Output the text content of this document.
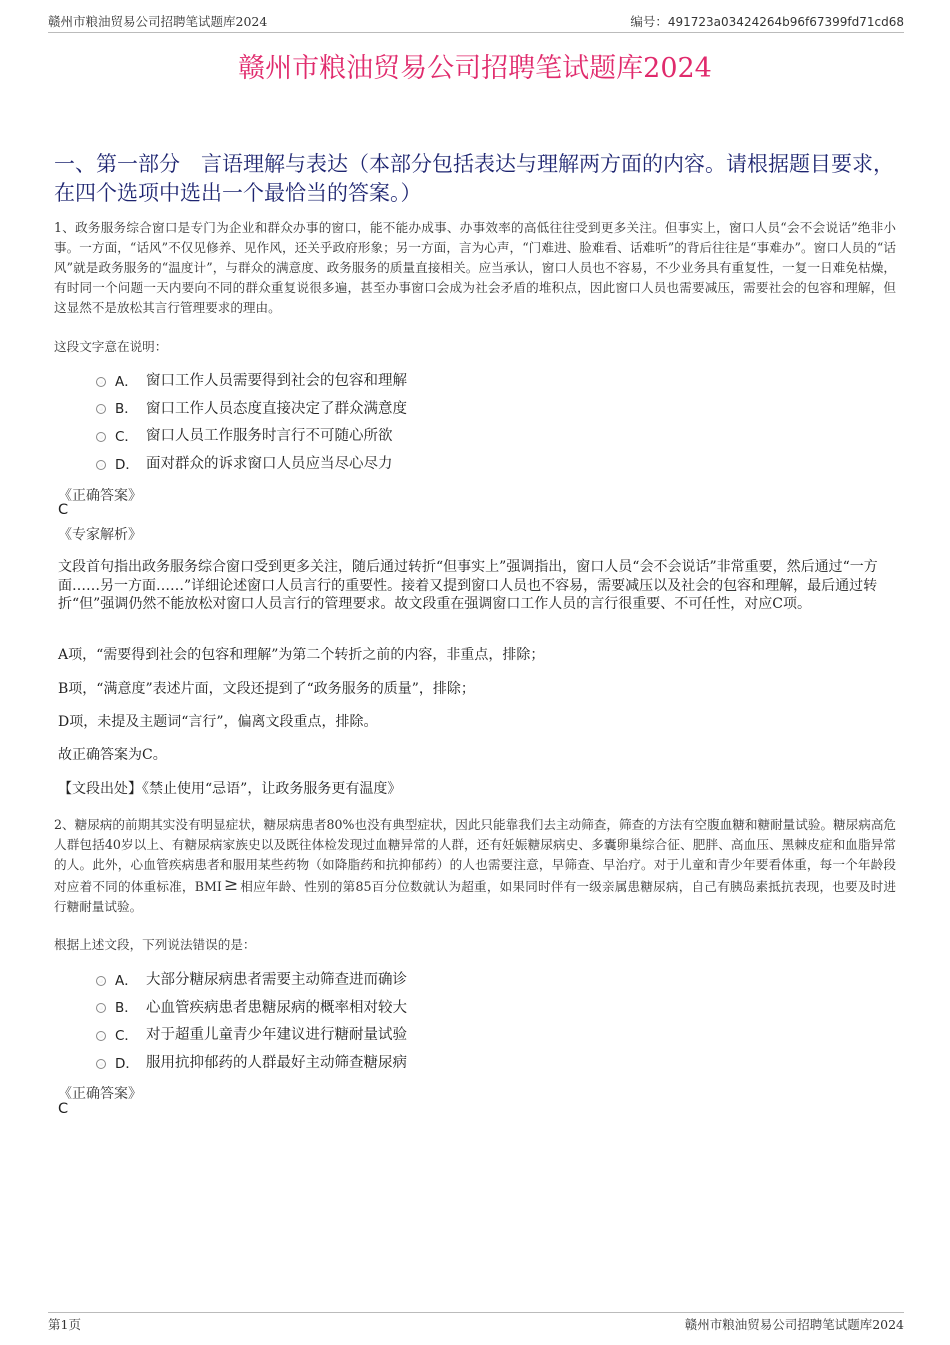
赣州市粮油贸易公司招聘笔试题库2024	编号：491723a03424264b96f67399fd71cd68
赣州市粮油贸易公司招聘笔试题库2024
一、第一部分　言语理解与表达（本部分包括表达与理解两方面的内容。请根据题目要求，在四个选项中选出一个最恰当的答案。）
1、政务服务综合窗口是专门为企业和群众办事的窗口，能不能办成事、办事效率的高低往往受到更多关注。但事实上，窗口人员“会不会说话”绝非小事。一方面，“话风”不仅见修养、见作风，还关乎政府形象；另一方面，言为心声，“门难进、脸难看、话难听”的背后往往是“事难办”。窗口人员的“话风”就是政务服务的“温度计”，与群众的满意度、政务服务的质量直接相关。应当承认，窗口人员也不容易，不少业务具有重复性，一复一日难免枯燥，有时同一个问题一天内要向不同的群众重复说很多遍，甚至办事窗口会成为社会矛盾的堆积点，因此窗口人员也需要减压，需要社会的包容和理解，但这显然不是放松其言行管理要求的理由。
这段文字意在说明：
A． 窗口工作人员需要得到社会的包容和理解
B． 窗口工作人员态度直接决定了群众满意度
C． 窗口人员工作服务时言行不可随心所欲
D． 面对群众的诉求窗口人员应当尽心尽力
《正确答案》
C
《专家解析》
文段首句指出政务服务综合窗口受到更多关注，随后通过转折“但事实上”强调指出，窗口人员“会不会说话”非常重要，然后通过“一方面……另一方面……”详细论述窗口人员言行的重要性。接着又提到窗口人员也不容易，需要减压以及社会的包容和理解，最后通过转折“但”强调仍然不能放松对窗口人员言行的管理要求。故文段重在强调窗口工作人员的言行很重要、不可任性，对应C项。
A项，“需要得到社会的包容和理解”为第二个转折之前的内容，非重点，排除；
B项，“满意度”表述片面，文段还提到了“政务服务的质量”，排除；
D项，未提及主题词“言行”，偏离文段重点，排除。
故正确答案为C。
【文段出处】《禁止使用“忌语”，让政务服务更有温度》
2、糖尿病的前期其实没有明显症状，糖尿病患者80%也没有典型症状，因此只能靠我们去主动筛查，筛查的方法有空腹血糖和糖耐量试验。糖尿病高危人群包括40岁以上、有糖尿病家族史以及既往体检发现过血糖异常的人群，还有妊娠糖尿病史、多囊卵巢综合征、肥胖、高血压、黑棘皮症和血脂异常的人。此外，心血管疾病患者和服用某些药物（如降脂药和抗抑郁药）的人也需要注意，早筛查、早治疗。对于儿童和青少年要看体重，每一个年龄段对应着不同的体重标准，BMI ≥ 相应年龄、性别的第85百分位数就认为超重，如果同时伴有一级亲属患糖尿病，自己有胰岛素抵抗表现，也要及时进行糖耐量试验。
根据上述文段，下列说法错误的是：
A． 大部分糖尿病患者需要主动筛查进而确诊
B． 心血管疾病患者患糖尿病的概率相对较大
C． 对于超重儿童青少年建议进行糖耐量试验
D． 服用抗抑郁药的人群最好主动筛查糖尿病
《正确答案》
C
第1页	赣州市粮油贸易公司招聘笔试题库2024
